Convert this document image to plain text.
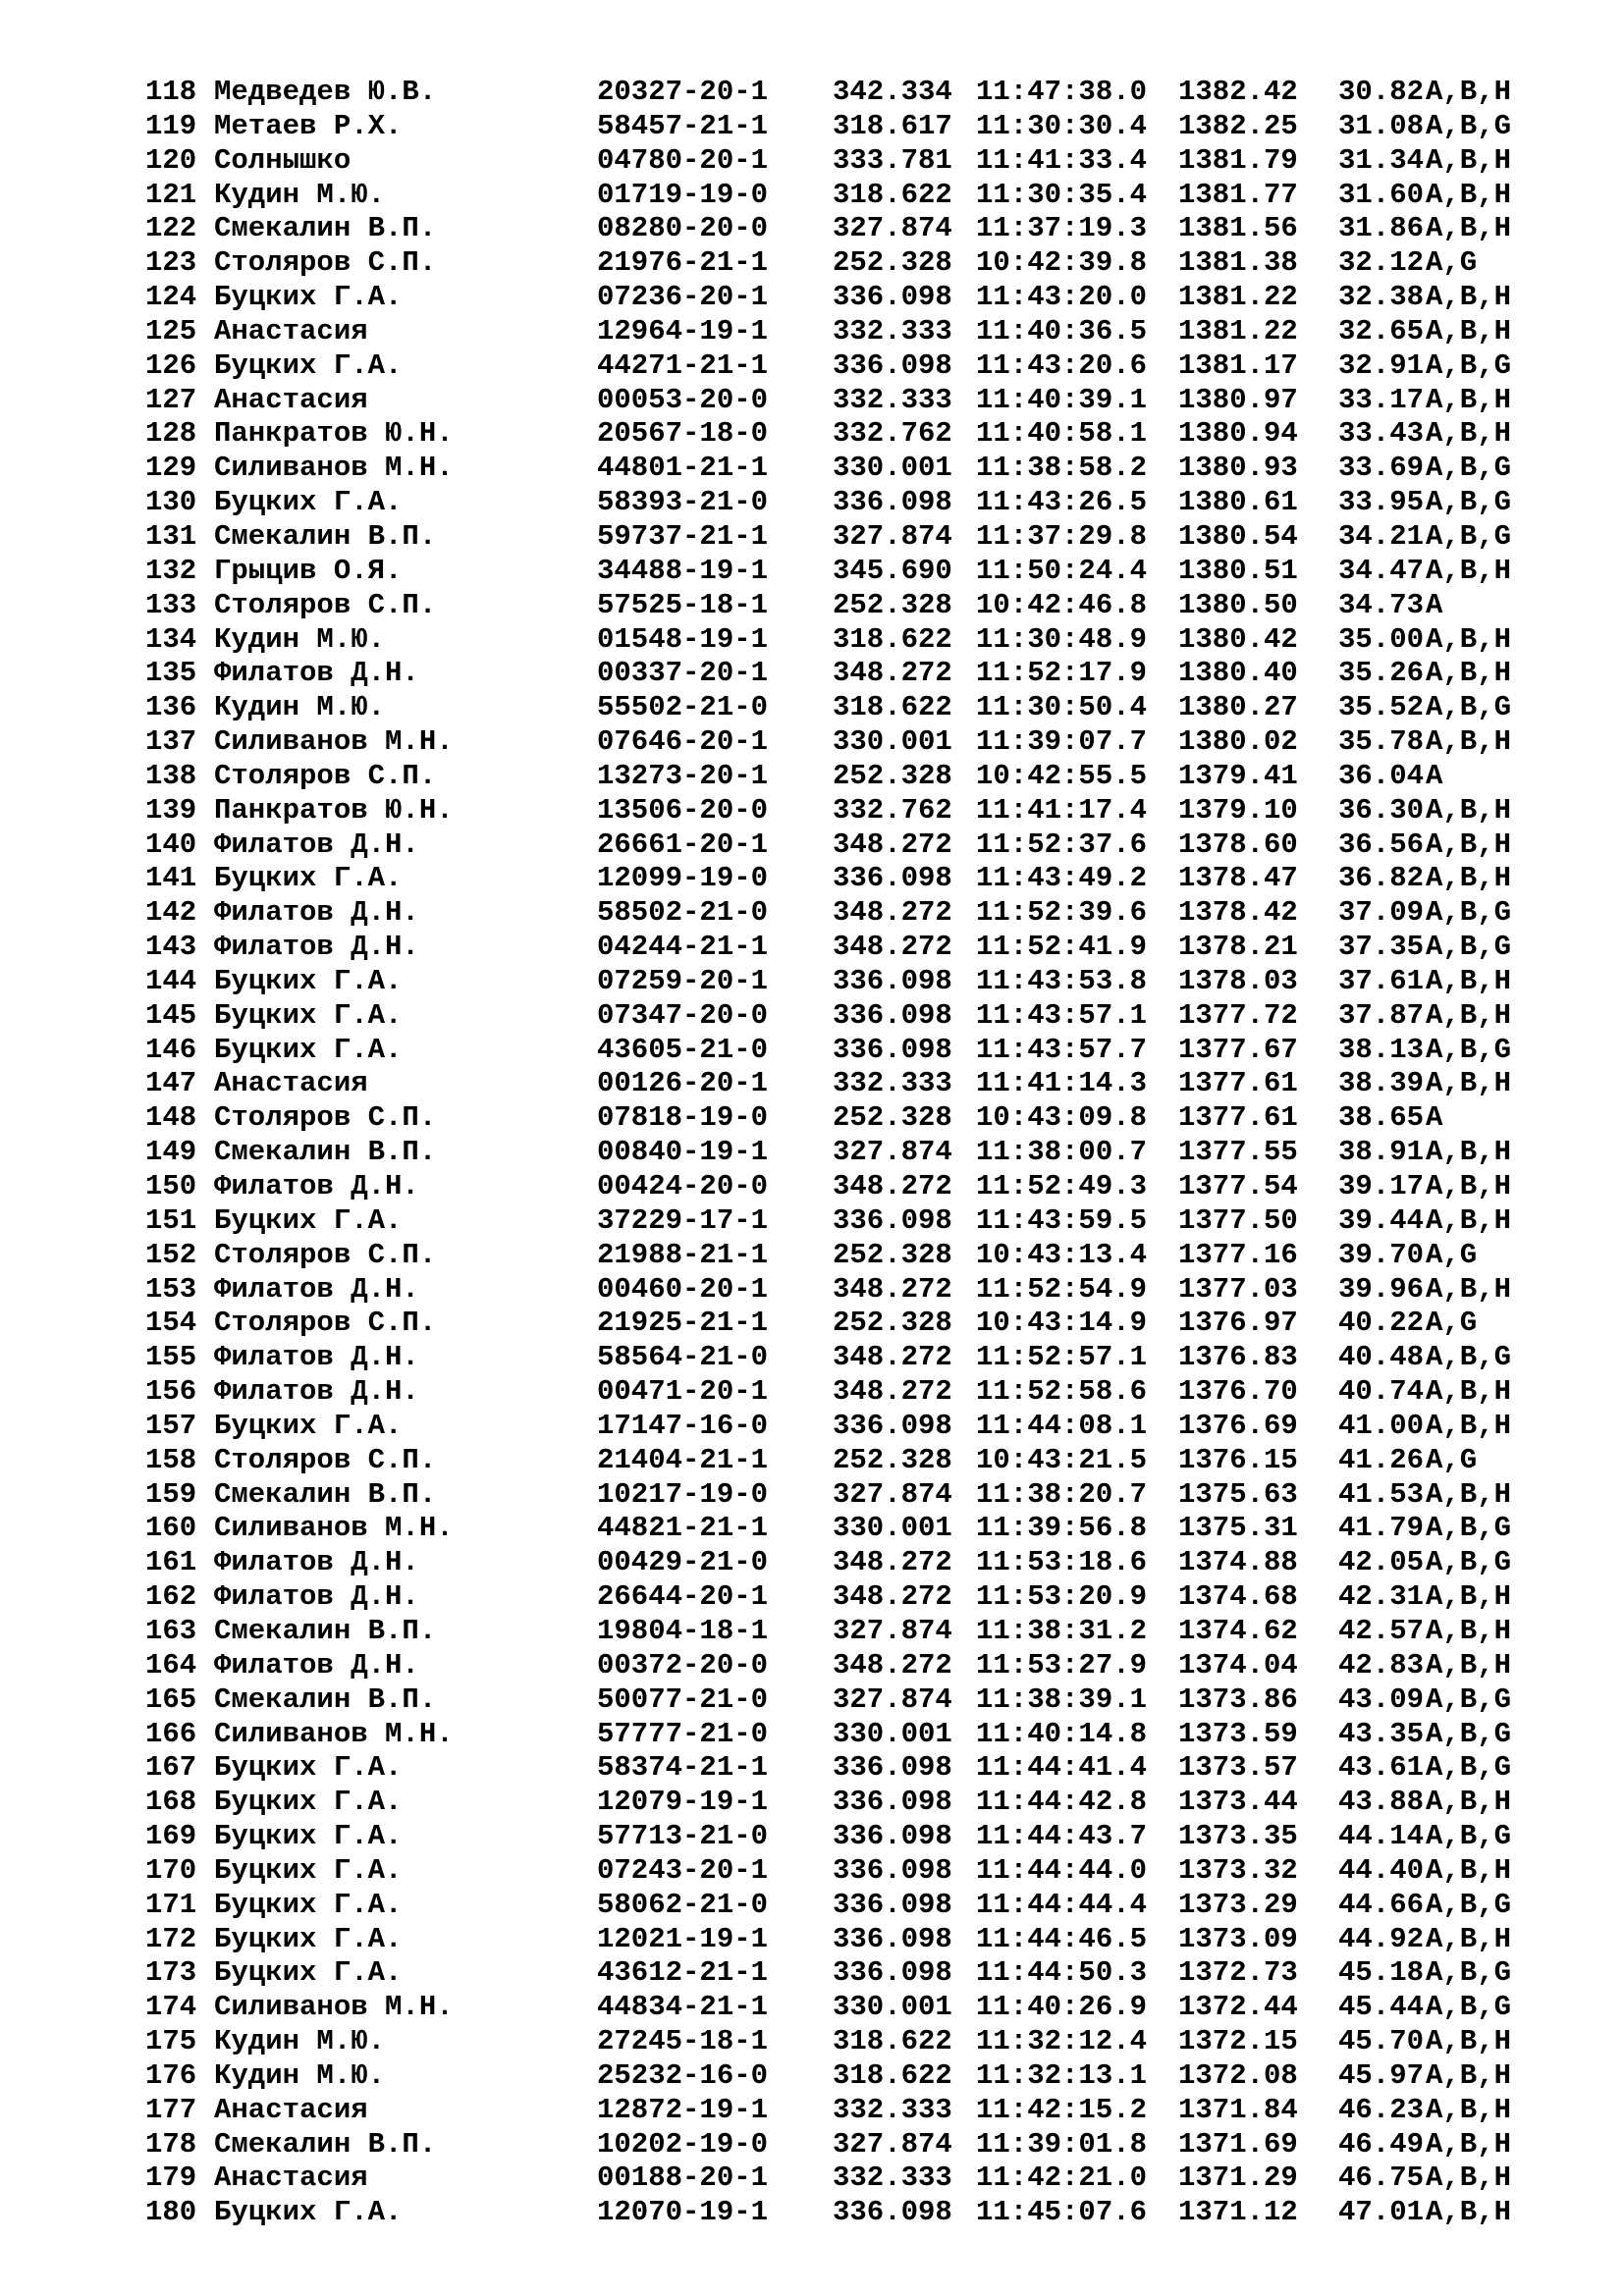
118 Медведев Ю.В.	20327-20-1 342.334 11:47:38.0 1382.42 30.82 A,B,H
119 Метаев Р.Х.	58457-21-1 318.617 11:30:30.4 1382.25 31.08 A,B,G
120 Солнышко	04780-20-1 333.781 11:41:33.4 1381.79 31.34 A,B,H
121 Кудин М.Ю.	01719-19-0 318.622 11:30:35.4 1381.77 31.60 A,B,H
122 Смекалин В.П.	08280-20-0 327.874 11:37:19.3 1381.56 31.86 A,B,H
123 Столяров С.П.	21976-21-1 252.328 10:42:39.8 1381.38 32.12 A,G
124 Буцких Г.А.	07236-20-1 336.098 11:43:20.0 1381.22 32.38 A,B,H
125 Анастасия	12964-19-1 332.333 11:40:36.5 1381.22 32.65 A,B,H
126 Буцких Г.А.	44271-21-1 336.098 11:43:20.6 1381.17 32.91 A,B,G
127 Анастасия	00053-20-0 332.333 11:40:39.1 1380.97 33.17 A,B,H
128 Панкратов Ю.Н.	20567-18-0 332.762 11:40:58.1 1380.94 33.43 A,B,H
129 Силиванов М.Н.	44801-21-1 330.001 11:38:58.2 1380.93 33.69 A,B,G
130 Буцких Г.А.	58393-21-0 336.098 11:43:26.5 1380.61 33.95 A,B,G
131 Смекалин В.П.	59737-21-1 327.874 11:37:29.8 1380.54 34.21 A,B,G
132 Грыцив О.Я.	34488-19-1 345.690 11:50:24.4 1380.51 34.47 A,B,H
133 Столяров С.П.	57525-18-1 252.328 10:42:46.8 1380.50 34.73 A
134 Кудин М.Ю.	01548-19-1 318.622 11:30:48.9 1380.42 35.00 A,B,H
135 Филатов Д.Н.	00337-20-1 348.272 11:52:17.9 1380.40 35.26 A,B,H
136 Кудин М.Ю.	55502-21-0 318.622 11:30:50.4 1380.27 35.52 A,B,G
137 Силиванов М.Н.	07646-20-1 330.001 11:39:07.7 1380.02 35.78 A,B,H
138 Столяров С.П.	13273-20-1 252.328 10:42:55.5 1379.41 36.04 A
139 Панкратов Ю.Н.	13506-20-0 332.762 11:41:17.4 1379.10 36.30 A,B,H
140 Филатов Д.Н.	26661-20-1 348.272 11:52:37.6 1378.60 36.56 A,B,H
141 Буцких Г.А.	12099-19-0 336.098 11:43:49.2 1378.47 36.82 A,B,H
142 Филатов Д.Н.	58502-21-0 348.272 11:52:39.6 1378.42 37.09 A,B,G
143 Филатов Д.Н.	04244-21-1 348.272 11:52:41.9 1378.21 37.35 A,B,G
144 Буцких Г.А.	07259-20-1 336.098 11:43:53.8 1378.03 37.61 A,B,H
145 Буцких Г.А.	07347-20-0 336.098 11:43:57.1 1377.72 37.87 A,B,H
146 Буцких Г.А.	43605-21-0 336.098 11:43:57.7 1377.67 38.13 A,B,G
147 Анастасия	00126-20-1 332.333 11:41:14.3 1377.61 38.39 A,B,H
148 Столяров С.П.	07818-19-0 252.328 10:43:09.8 1377.61 38.65 A
149 Смекалин В.П.	00840-19-1 327.874 11:38:00.7 1377.55 38.91 A,B,H
150 Филатов Д.Н.	00424-20-0 348.272 11:52:49.3 1377.54 39.17 A,B,H
151 Буцких Г.А.	37229-17-1 336.098 11:43:59.5 1377.50 39.44 A,B,H
152 Столяров С.П.	21988-21-1 252.328 10:43:13.4 1377.16 39.70 A,G
153 Филатов Д.Н.	00460-20-1 348.272 11:52:54.9 1377.03 39.96 A,B,H
154 Столяров С.П.	21925-21-1 252.328 10:43:14.9 1376.97 40.22 A,G
155 Филатов Д.Н.	58564-21-0 348.272 11:52:57.1 1376.83 40.48 A,B,G
156 Филатов Д.Н.	00471-20-1 348.272 11:52:58.6 1376.70 40.74 A,B,H
157 Буцких Г.А.	17147-16-0 336.098 11:44:08.1 1376.69 41.00 A,B,H
158 Столяров С.П.	21404-21-1 252.328 10:43:21.5 1376.15 41.26 A,G
159 Смекалин В.П.	10217-19-0 327.874 11:38:20.7 1375.63 41.53 A,B,H
160 Силиванов М.Н.	44821-21-1 330.001 11:39:56.8 1375.31 41.79 A,B,G
161 Филатов Д.Н.	00429-21-0 348.272 11:53:18.6 1374.88 42.05 A,B,G
162 Филатов Д.Н.	26644-20-1 348.272 11:53:20.9 1374.68 42.31 A,B,H
163 Смекалин В.П.	19804-18-1 327.874 11:38:31.2 1374.62 42.57 A,B,H
164 Филатов Д.Н.	00372-20-0 348.272 11:53:27.9 1374.04 42.83 A,B,H
165 Смекалин В.П.	50077-21-0 327.874 11:38:39.1 1373.86 43.09 A,B,G
166 Силиванов М.Н.	57777-21-0 330.001 11:40:14.8 1373.59 43.35 A,B,G
167 Буцких Г.А.	58374-21-1 336.098 11:44:41.4 1373.57 43.61 A,B,G
168 Буцких Г.А.	12079-19-1 336.098 11:44:42.8 1373.44 43.88 A,B,H
169 Буцких Г.А.	57713-21-0 336.098 11:44:43.7 1373.35 44.14 A,B,G
170 Буцких Г.А.	07243-20-1 336.098 11:44:44.0 1373.32 44.40 A,B,H
171 Буцких Г.А.	58062-21-0 336.098 11:44:44.4 1373.29 44.66 A,B,G
172 Буцких Г.А.	12021-19-1 336.098 11:44:46.5 1373.09 44.92 A,B,H
173 Буцких Г.А.	43612-21-1 336.098 11:44:50.3 1372.73 45.18 A,B,G
174 Силиванов М.Н.	44834-21-1 330.001 11:40:26.9 1372.44 45.44 A,B,G
175 Кудин М.Ю.	27245-18-1 318.622 11:32:12.4 1372.15 45.70 A,B,H
176 Кудин М.Ю.	25232-16-0 318.622 11:32:13.1 1372.08 45.97 A,B,H
177 Анастасия	12872-19-1 332.333 11:42:15.2 1371.84 46.23 A,B,H
178 Смекалин В.П.	10202-19-0 327.874 11:39:01.8 1371.69 46.49 A,B,H
179 Анастасия	00188-20-1 332.333 11:42:21.0 1371.29 46.75 A,B,H
180 Буцких Г.А.	12070-19-1 336.098 11:45:07.6 1371.12 47.01 A,B,H
